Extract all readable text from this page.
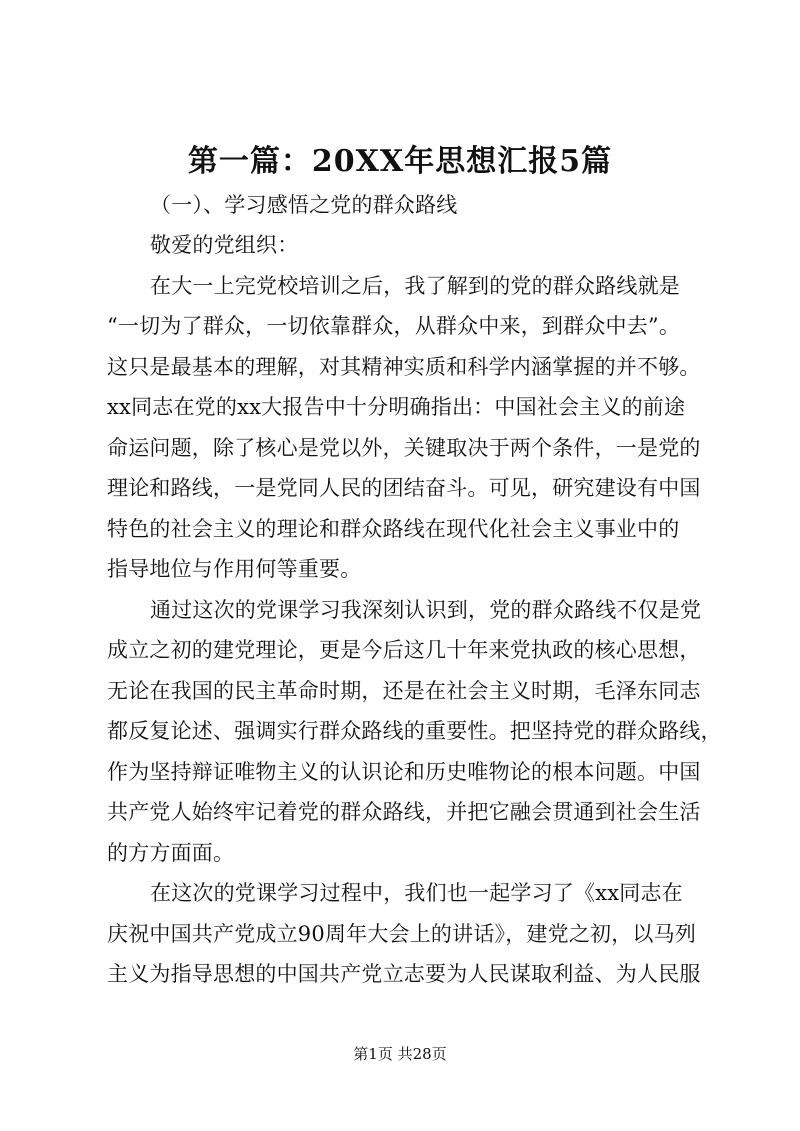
第一篇：20XX年思想汇报5篇
（一）、学习感悟之党的群众路线
敬爱的党组织：
在大一上完党校培训之后，我了解到的党的群众路线就是
“一切为了群众，一切依靠群众，从群众中来，到群众中去”。
这只是最基本的理解，对其精神实质和科学内涵掌握的并不够。
xx同志在党的xx大报告中十分明确指出：中国社会主义的前途
命运问题，除了核心是党以外，关键取决于两个条件，一是党的
理论和路线，一是党同人民的团结奋斗。可见，研究建设有中国
特色的社会主义的理论和群众路线在现代化社会主义事业中的
指导地位与作用何等重要。
通过这次的党课学习我深刻认识到，党的群众路线不仅是党
成立之初的建党理论，更是今后这几十年来党执政的核心思想，
无论在我国的民主革命时期，还是在社会主义时期，毛泽东同志
都反复论述、强调实行群众路线的重要性。把坚持党的群众路线，
作为坚持辩证唯物主义的认识论和历史唯物论的根本问题。中国
共产党人始终牢记着党的群众路线，并把它融会贯通到社会生活
的方方面面。
在这次的党课学习过程中，我们也一起学习了《xx同志在
庆祝中国共产党成立90周年大会上的讲话》，建党之初，以马列
主义为指导思想的中国共产党立志要为人民谋取利益、为人民服
第1页 共28页
